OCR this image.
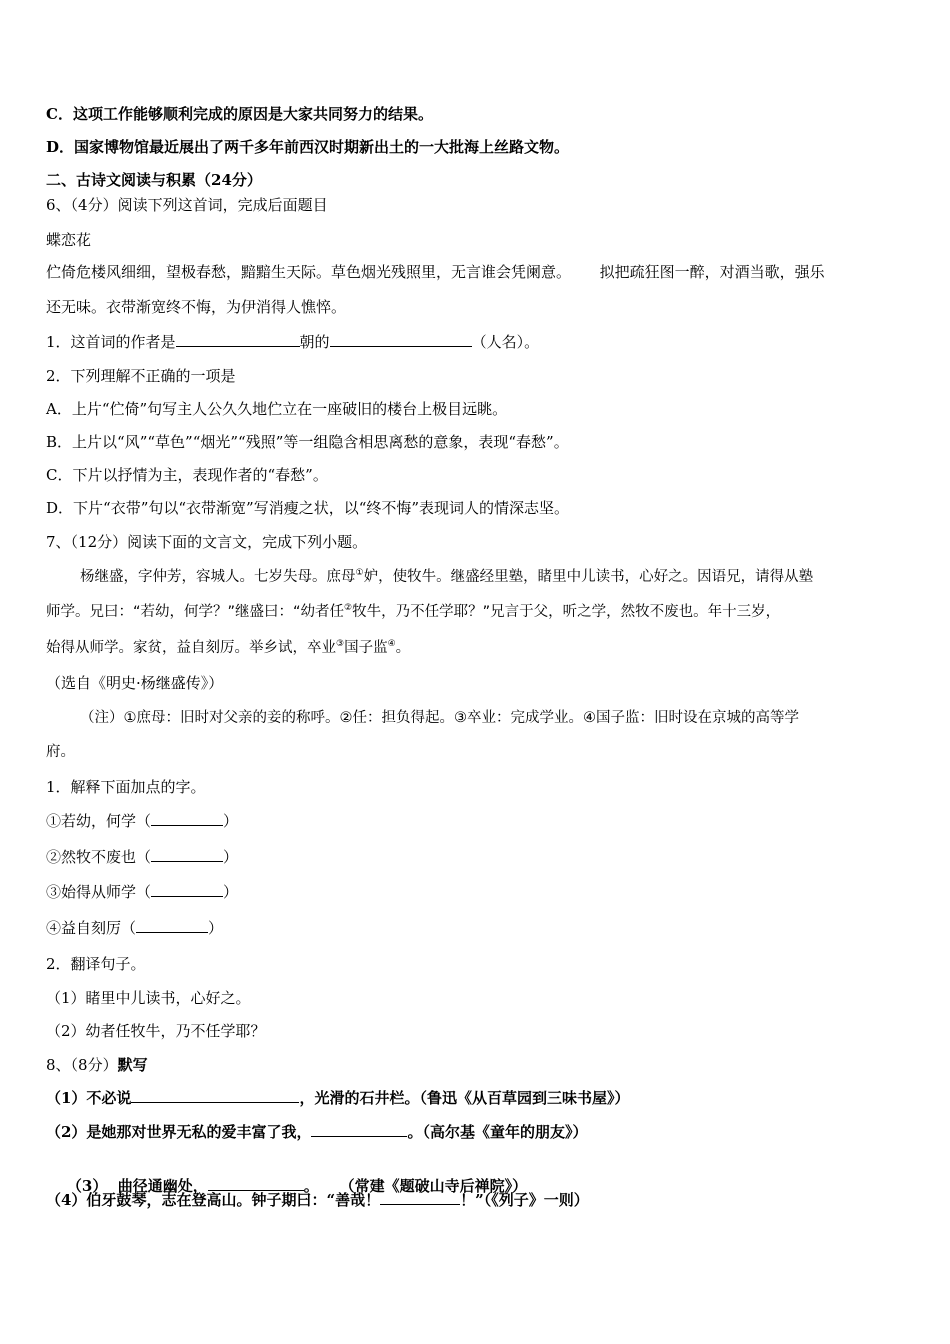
C．这项工作能够顺利完成的原因是大家共同努力的结果。
D．国家博物馆最近展出了两千多年前西汉时期新出土的一大批海上丝路文物。
二、古诗文阅读与积累（24分）
6、（4分）阅读下列这首词，完成后面题目
蝶恋花
伫倚危楼风细细，望极春愁，黯黯生天际。草色烟光残照里，无言谁会凭阑意。      拟把疏狂图一醉，对酒当歌，强乐
还无味。衣带渐宽终不悔，为伊消得人憔悴。
1．这首词的作者是	朝的	（人名）。
2．下列理解不正确的一项是
A．上片“伫倚”句写主人公久久地伫立在一座破旧的楼台上极目远眺。
B．上片以“风”“草色”“烟光”“残照”等一组隐含相思离愁的意象，表现“春愁”。
C．下片以抒情为主，表现作者的“春愁”。
D．下片“衣带”句以“衣带渐宽”写消瘦之状，以“终不悔”表现词人的情深志坚。
7、（12分）阅读下面的文言文，完成下列小题。
杨继盛，字仲芳，容城人。七岁失母。庶母①妒，使牧牛。继盛经里塾，睹里中儿读书，心好之。因语兄，请得从塾
师学。兄曰：“若幼，何学？”继盛曰：“幼者任②牧牛，乃不任学耶？”兄言于父，听之学，然牧不废也。年十三岁，
始得从师学。家贫，益自刻厉。举乡试，卒业③国子监④。
（选自《明史·杨继盛传》）
（注）①庶母：旧时对父亲的妾的称呼。②任：担负得起。③卒业：完成学业。④国子监：旧时设在京城的高等学
府。
1．解释下面加点的字。
①若幼，何学（	）
②然牧不废也（	）
③始得从师学（	）
④益自刻厉（	）
2．翻译句子。
（1）睹里中儿读书，心好之。
（2）幼者任牧牛，乃不任学耶？
8、（8分）默写
（1）不必说	，光滑的石井栏。（鲁迅《从百草园到三味书屋》）
（2）是她那对世界无私的爱丰富了我，	。（高尔基《童年的朋友》）

（3）  曲径通幽处，	。    （常建《题破山寺后禅院》）

（4）伯牙鼓琴，志在登高山。钟子期曰：“善哉！	！”（《列子》一则）
